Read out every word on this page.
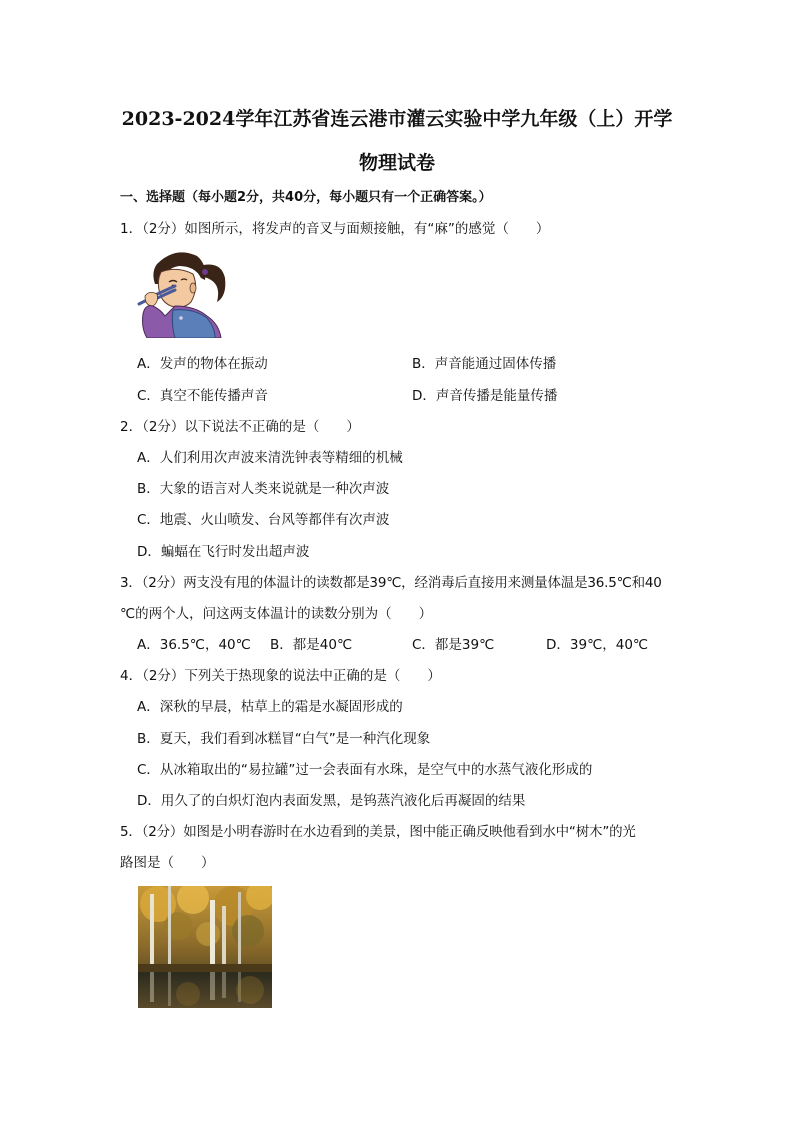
2023-2024学年江苏省连云港市灌云实验中学九年级（上）开学
物理试卷
一、选择题（每小题2分，共40分，每小题只有一个正确答案。）
1．（2分）如图所示，将发声的音叉与面颊接触，有“麻”的感觉（　　）
A．发声的物体在振动	B．声音能通过固体传播
C．真空不能传播声音	D．声音传播是能量传播
2．（2分）以下说法不正确的是（　　）
A．人们利用次声波来清洗钟表等精细的机械
B．大象的语言对人类来说就是一种次声波
C．地震、火山喷发、台风等都伴有次声波
D．蝙蝠在飞行时发出超声波
3．（2分）两支没有甩的体温计的读数都是39℃，经消毒后直接用来测量体温是36.5℃和40
℃的两个人，问这两支体温计的读数分别为（　　）
A．36.5℃，40℃ B．都是40℃	C．都是39℃	D．39℃，40℃
4．（2分）下列关于热现象的说法中正确的是（　　）
A．深秋的早晨，枯草上的霜是水凝固形成的
B．夏天，我们看到冰糕冒“白气”是一种汽化现象
C．从冰箱取出的“易拉罐”过一会表面有水珠，是空气中的水蒸气液化形成的
D．用久了的白炽灯泡内表面发黑，是钨蒸汽液化后再凝固的结果
5．（2分）如图是小明春游时在水边看到的美景，图中能正确反映他看到水中“树木”的光
路图是（　　）
